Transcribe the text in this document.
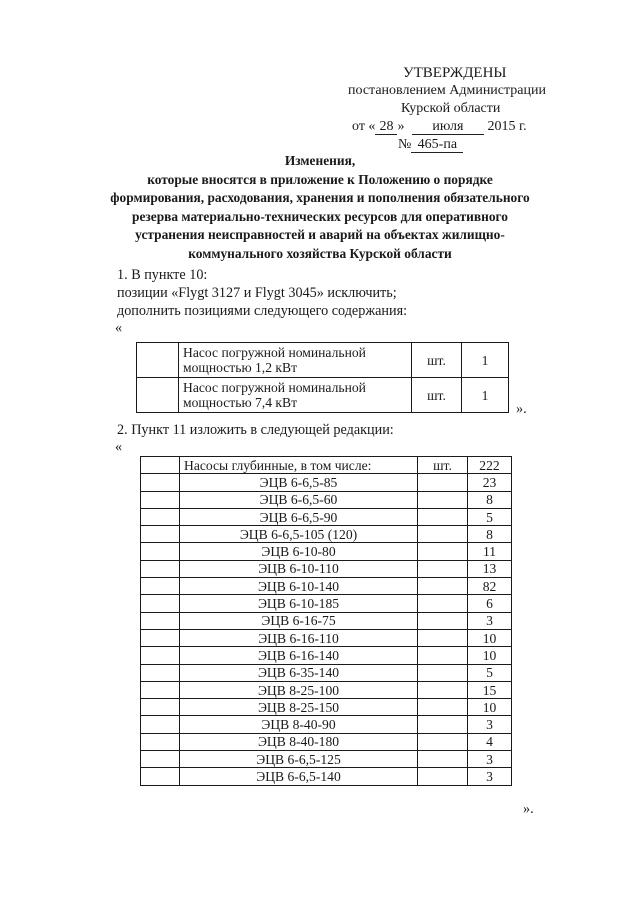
УТВЕРЖДЕНЫ
постановлением Администрации
Курской области
от « 28 » июля 2015 г.
№ 465-па
Изменения,
которые вносятся в приложение к Положению о порядке
формирования, расходования, хранения и пополнения обязательного
резерва материально-технических ресурсов для оперативного
устранения неисправностей и аварий на объектах жилищно-
коммунального хозяйства Курской области
1. В пункте 10:
позиции «Flygt 3127 и Flygt 3045» исключить;
дополнить позициями следующего содержания:
«

	Насос погружной номинальной
мощностью 1,2 кВт	шт.	1

	Насос погружной номинальной
мощностью 7,4 кВт	шт.	1
».
2. Пункт 11 изложить в следующей редакции:
«
	Насосы глубинные, в том числе:	шт.	222
	ЭЦВ 6-6,5-85		23
	ЭЦВ 6-6,5-60		8
	ЭЦВ 6-6,5-90		5
	ЭЦВ 6-6,5-105 (120)		8
	ЭЦВ 6-10-80		11
	ЭЦВ 6-10-110		13
	ЭЦВ 6-10-140		82
	ЭЦВ 6-10-185		6
	ЭЦВ 6-16-75		3
	ЭЦВ 6-16-110		10
	ЭЦВ 6-16-140		10
	ЭЦВ 6-35-140		5
	ЭЦВ 8-25-100		15
	ЭЦВ 8-25-150		10
	ЭЦВ 8-40-90		3
	ЭЦВ 8-40-180		4
	ЭЦВ 6-6,5-125		3
	ЭЦВ 6-6,5-140		3
».
